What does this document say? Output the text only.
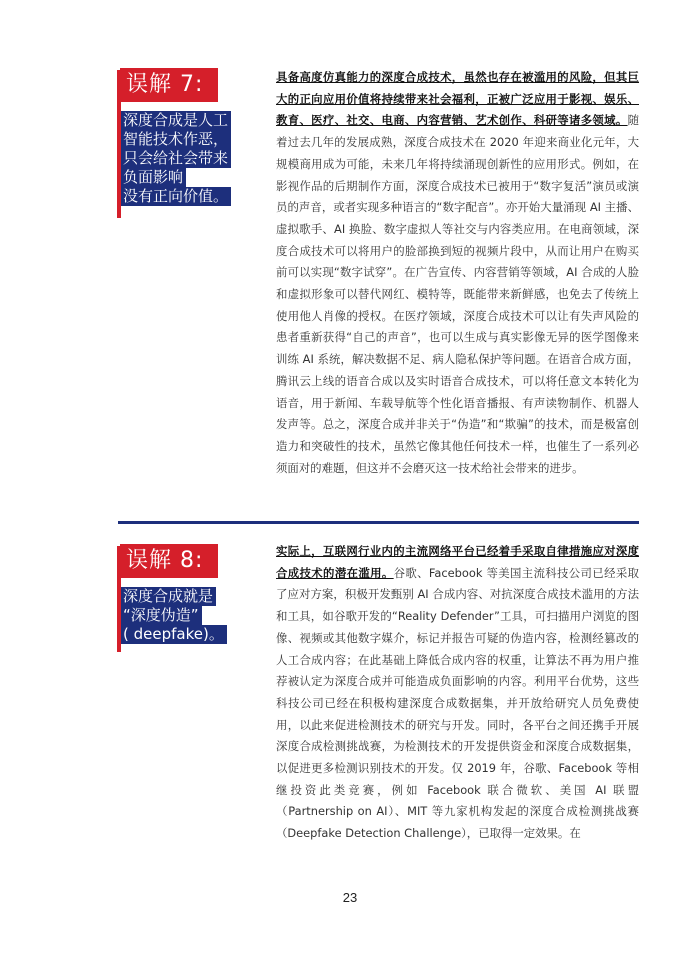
误解 7:
深度合成是人工
智能技术作恶，
只会给社会带来
负面影响
没有正向价值。

具备高度仿真能力的深度合成技术，虽然也存在被滥用的风险，但其巨大的正向应用价值将持续带来社会福利，正被广泛应用于影视、娱乐、教育、医疗、社交、电商、内容营销、艺术创作、科研等诸多领域。随着过去几年的发展成熟，深度合成技术在 2020 年迎来商业化元年，大规模商用成为可能，未来几年将持续涌现创新性的应用形式。例如，在影视作品的后期制作方面，深度合成技术已被用于“数字复活”演员或演员的声音，或者实现多种语言的“数字配音”。亦开始大量涌现 AI 主播、虚拟歌手、AI 换脸、数字虚拟人等社交与内容类应用。在电商领域，深度合成技术可以将用户的脸部换到短的视频片段中，从而让用户在购买前可以实现“数字试穿”。在广告宣传、内容营销等领域，AI 合成的人脸和虚拟形象可以替代网红、模特等，既能带来新鲜感，也免去了传统上使用他人肖像的授权。在医疗领域，深度合成技术可以让有失声风险的患者重新获得“自己的声音”，也可以生成与真实影像无异的医学图像来训练 AI 系统，解决数据不足、病人隐私保护等问题。在语音合成方面，腾讯云上线的语音合成以及实时语音合成技术，可以将任意文本转化为语音，用于新闻、车载导航等个性化语音播报、有声读物制作、机器人发声等。总之，深度合成并非关于“伪造”和“欺骗”的技术，而是极富创造力和突破性的技术，虽然它像其他任何技术一样，也催生了一系列必须面对的难题，但这并不会磨灭这一技术给社会带来的进步。

误解 8:
深度合成就是
“深度伪造”
( deepfake)。

实际上，互联网行业内的主流网络平台已经着手采取自律措施应对深度合成技术的潜在滥用。谷歌、Facebook 等美国主流科技公司已经采取了应对方案，积极开发甄别 AI 合成内容、对抗深度合成技术滥用的方法和工具，如谷歌开发的“Reality Defender”工具，可扫描用户浏览的图像、视频或其他数字媒介，标记并报告可疑的伪造内容，检测经篡改的人工合成内容；在此基础上降低合成内容的权重，让算法不再为用户推荐被认定为深度合成并可能造成负面影响的内容。利用平台优势，这些科技公司已经在积极构建深度合成数据集，并开放给研究人员免费使用，以此来促进检测技术的研究与开发。同时，各平台之间还携手开展深度合成检测挑战赛，为检测技术的开发提供资金和深度合成数据集，以促进更多检测识别技术的开发。仅 2019 年，谷歌、Facebook 等相继投资此类竞赛，例如 Facebook 联合微软、美国 AI 联盟（Partnership on AI）、MIT 等九家机构发起的深度合成检测挑战赛（Deepfake Detection Challenge），已取得一定效果。在

23
